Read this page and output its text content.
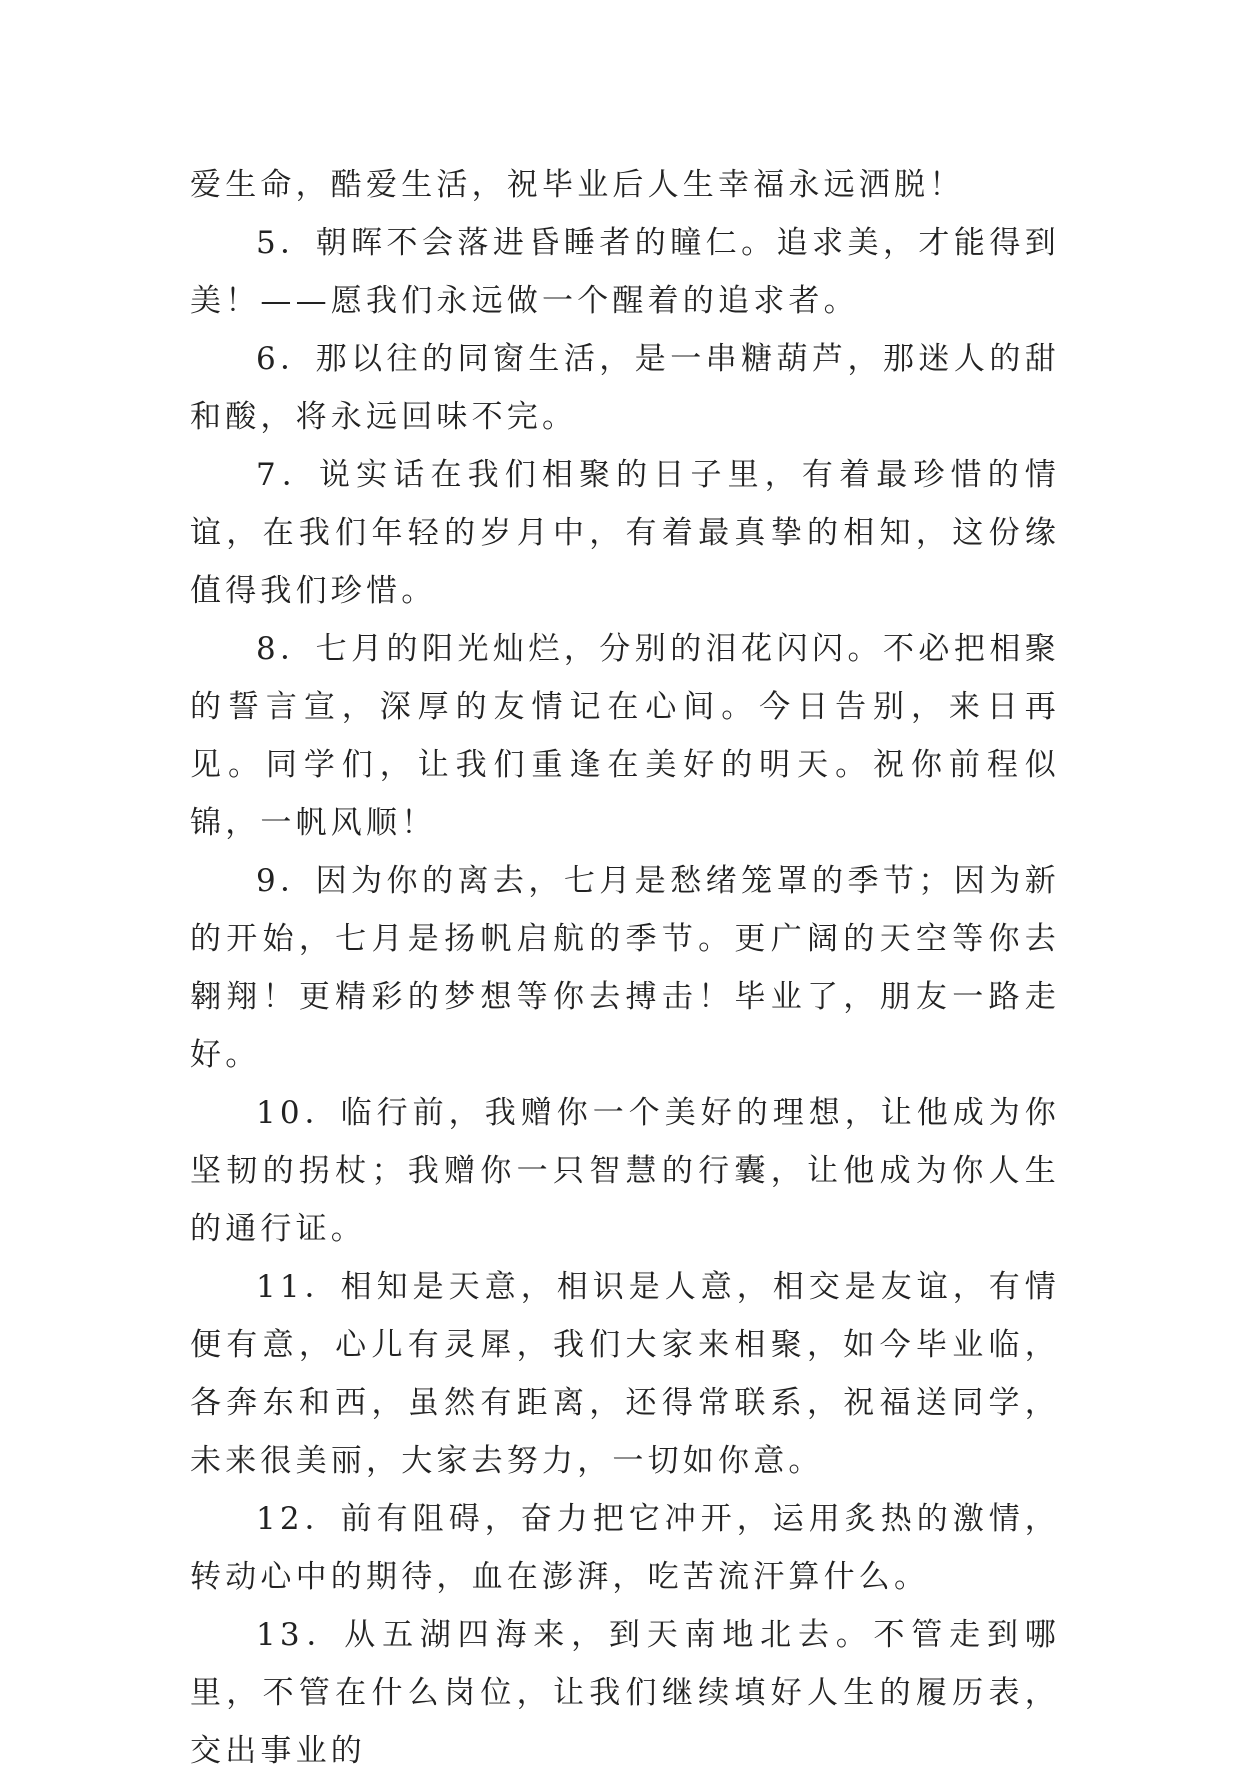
爱生命，酷爱生活，祝毕业后人生幸福永远洒脱！

5．朝晖不会落进昏睡者的瞳仁。追求美，才能得到美！——愿我们永远做一个醒着的追求者。

6．那以往的同窗生活，是一串糖葫芦，那迷人的甜和酸，将永远回味不完。

7．说实话在我们相聚的日子里，有着最珍惜的情谊，在我们年轻的岁月中，有着最真挚的相知，这份缘值得我们珍惜。

8．七月的阳光灿烂，分别的泪花闪闪。不必把相聚的誓言宣，深厚的友情记在心间。今日告别，来日再见。同学们，让我们重逢在美好的明天。祝你前程似锦，一帆风顺！

9．因为你的离去，七月是愁绪笼罩的季节；因为新的开始，七月是扬帆启航的季节。更广阔的天空等你去翱翔！更精彩的梦想等你去搏击！毕业了，朋友一路走好。

10．临行前，我赠你一个美好的理想，让他成为你坚韧的拐杖；我赠你一只智慧的行囊，让他成为你人生的通行证。

11．相知是天意，相识是人意，相交是友谊，有情便有意，心儿有灵犀，我们大家来相聚，如今毕业临，各奔东和西，虽然有距离，还得常联系，祝福送同学，未来很美丽，大家去努力，一切如你意。

12．前有阻碍，奋力把它冲开，运用炙热的激情，转动心中的期待，血在澎湃，吃苦流汗算什么。

13．从五湖四海来，到天南地北去。不管走到哪里，不管在什么岗位，让我们继续填好人生的履历表，交出事业的
